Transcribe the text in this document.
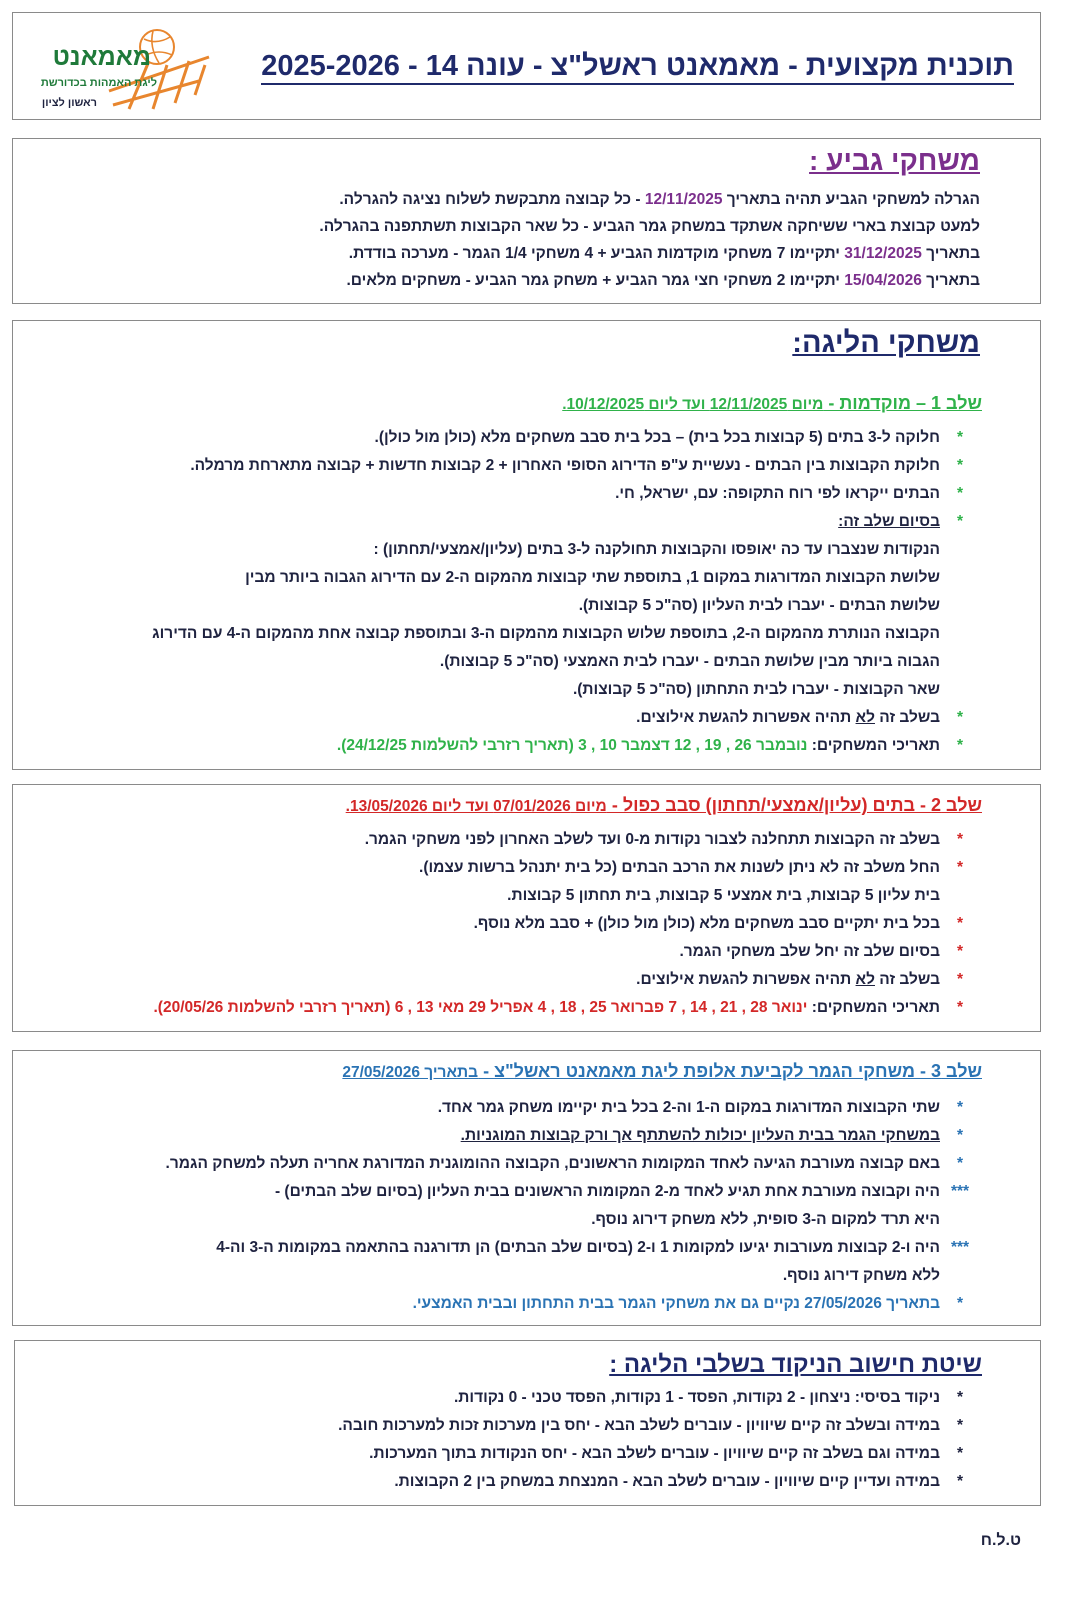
תוכנית מקצועית - מאמאנט ראשל"צ - עונה 14 - 2025-2026
מאמאנט
ליגת האמהות בכדורשת
ראשון לציון
משחקי גביע :
הגרלה למשחקי הגביע תהיה בתאריך 12/11/2025 - כל קבוצה מתבקשת לשלוח נציגה להגרלה.
למעט קבוצת בארי ששיחקה אשתקד במשחק גמר הגביע - כל שאר הקבוצות תשתתפנה בהגרלה.
בתאריך 31/12/2025 יתקיימו 7 משחקי מוקדמות הגביע + 4 משחקי 1/4 הגמר - מערכה בודדת.
בתאריך 15/04/2026 יתקיימו 2 משחקי חצי גמר הגביע + משחק גמר הגביע - משחקים מלאים.
משחקי הליגה:
שלב 1 – מוקדמות - מיום 12/11/2025 ועד ליום 10/12/2025.
*חלוקה ל-3 בתים (5 קבוצות בכל בית) – בכל בית סבב משחקים מלא (כולן מול כולן).
*חלוקת הקבוצות בין הבתים - נעשיית ע"פ הדירוג הסופי האחרון + 2 קבוצות חדשות + קבוצה מתארחת מרמלה.
*הבתים ייקראו לפי רוח התקופה: עם, ישראל, חי.
*בסיום שלב זה:
הנקודות שנצברו עד כה יאופסו והקבוצות תחולקנה ל-3 בתים (עליון/אמצעי/תחתון) :
שלושת הקבוצות המדורגות במקום 1, בתוספת שתי קבוצות מהמקום ה-2 עם הדירוג הגבוה ביותר מבין
שלושת הבתים - יעברו לבית העליון (סה"כ 5 קבוצות).
הקבוצה הנותרת מהמקום ה-2, בתוספת שלוש הקבוצות מהמקום ה-3 ובתוספת קבוצה אחת מהמקום ה-4 עם הדירוג
הגבוה ביותר מבין שלושת הבתים - יעברו לבית האמצעי (סה"כ 5 קבוצות).
שאר הקבוצות - יעברו לבית התחתון (סה"כ 5 קבוצות).
*בשלב זה לא תהיה אפשרות להגשת אילוצים.
*תאריכי המשחקים: נובמבר 26 , 19 , 12 דצמבר 10 , 3 (תאריך רזרבי להשלמות 24/12/25).
שלב 2 - בתים (עליון/אמצעי/תחתון) סבב כפול - מיום 07/01/2026 ועד ליום 13/05/2026.
*בשלב זה הקבוצות תתחלנה לצבור נקודות מ-0 ועד לשלב האחרון לפני משחקי הגמר.
*החל משלב זה לא ניתן לשנות את הרכב הבתים (כל בית יתנהל ברשות עצמו).
בית עליון 5 קבוצות, בית אמצעי 5 קבוצות, בית תחתון 5 קבוצות.
*בכל בית יתקיים סבב משחקים מלא (כולן מול כולן) + סבב מלא נוסף.
*בסיום שלב זה יחל שלב משחקי הגמר.
*בשלב זה לא תהיה אפשרות להגשת אילוצים.
*תאריכי המשחקים: ינואר 28 , 21 , 14 , 7 פברואר 25 , 18 , 4 אפריל 29 מאי 13 , 6 (תאריך רזרבי להשלמות 20/05/26).
שלב 3 - משחקי הגמר לקביעת אלופת ליגת מאמאנט ראשל"צ - בתאריך 27/05/2026
*שתי הקבוצות המדורגות במקום ה-1 וה-2 בכל בית יקיימו משחק גמר אחד.
*במשחקי הגמר בבית העליון יכולות להשתתף אך ורק קבוצות המוגניות.
*באם קבוצה מעורבת הגיעה לאחד המקומות הראשונים, הקבוצה ההומוגנית המדורגת אחריה תעלה למשחק הגמר.
***היה וקבוצה מעורבת אחת תגיע לאחד מ-2 המקומות הראשונים בבית העליון (בסיום שלב הבתים) -
היא תרד למקום ה-3 סופית, ללא משחק דירוג נוסף.
***היה ו-2 קבוצות מעורבות יגיעו למקומות 1 ו-2 (בסיום שלב הבתים) הן תדורגנה בהתאמה במקומות ה-3 וה-4
ללא משחק דירוג נוסף.
*בתאריך 27/05/2026 נקיים גם את משחקי הגמר בבית התחתון ובבית האמצעי.
שיטת חישוב הניקוד בשלבי הליגה :
*ניקוד בסיסי: ניצחון - 2 נקודות, הפסד - 1 נקודות, הפסד טכני - 0 נקודות.
*במידה ובשלב זה קיים שיוויון - עוברים לשלב הבא - יחס בין מערכות זכות למערכות חובה.
*במידה וגם בשלב זה קיים שיוויון - עוברים לשלב הבא - יחס הנקודות בתוך המערכות.
*במידה ועדיין קיים שיוויון - עוברים לשלב הבא - המנצחת במשחק בין 2 הקבוצות.
ט.ל.ח
